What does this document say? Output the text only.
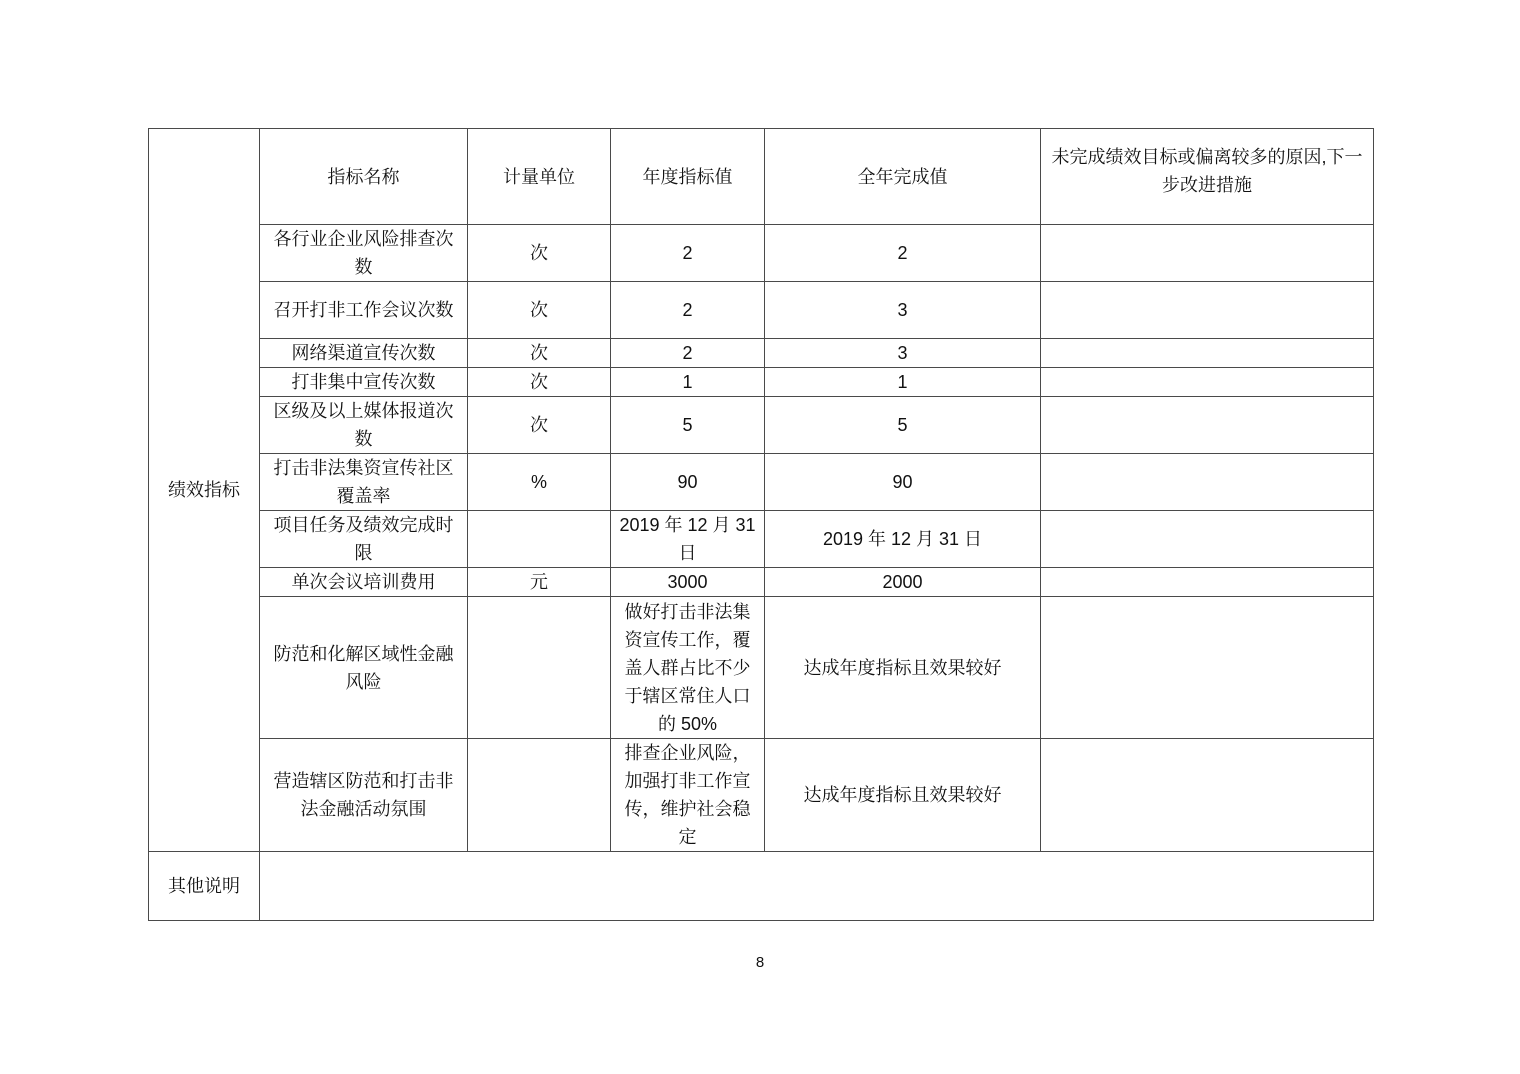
绩效指标	指标名称	计量单位	年度指标值	全年完成值	未完成绩效目标或偏离较多的原因,下一步改进措施
	各行业企业风险排查次数	次	2	2	
	召开打非工作会议次数	次	2	3	
	网络渠道宣传次数	次	2	3	
	打非集中宣传次数	次	1	1	
	区级及以上媒体报道次数	次	5	5	
	打击非法集资宣传社区覆盖率	%	90	90	
	项目任务及绩效完成时限		2019 年 12 月 31 日	2019 年 12 月 31 日	
	单次会议培训费用	元	3000	2000	
	防范和化解区域性金融风险		做好打击非法集资宣传工作，覆盖人群占比不少于辖区常住人口的 50%	达成年度指标且效果较好	
	营造辖区防范和打击非法金融活动氛围		排查企业风险，加强打非工作宣传，维护社会稳定	达成年度指标且效果较好	
其他说明					
8
